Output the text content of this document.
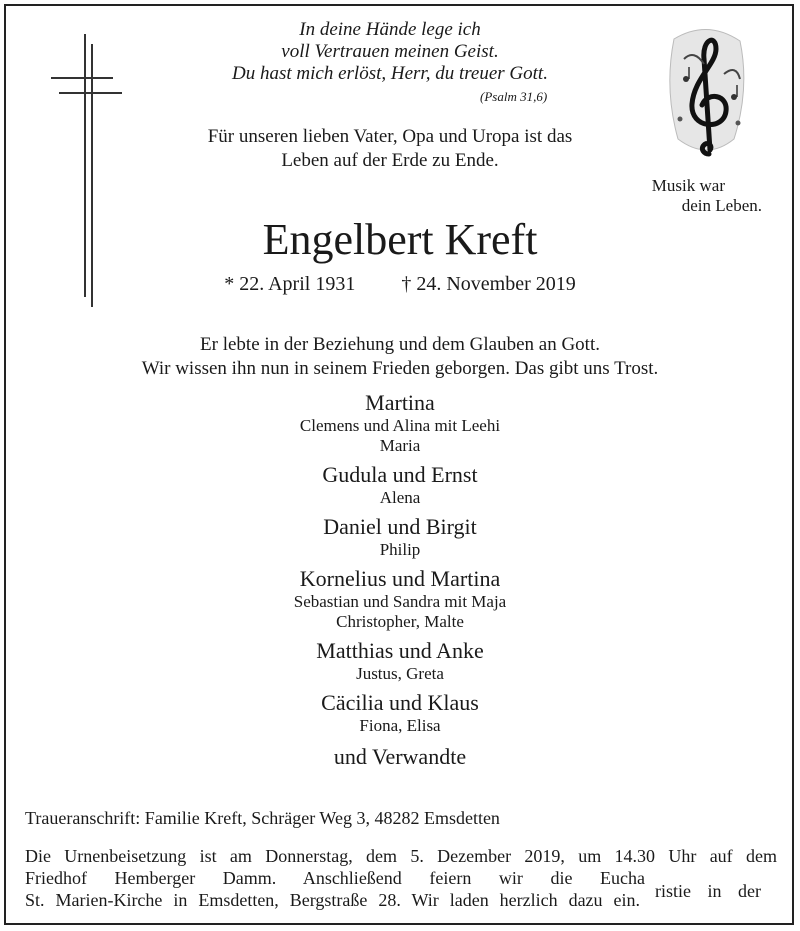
In deine Hände lege ich
voll Vertrauen meinen Geist.
Du hast mich erlöst, Herr, du treuer Gott.
(Psalm 31,6)
Für unseren lieben Vater, Opa und Uropa ist das
Leben auf der Erde zu Ende.
Musik war
dein Leben.
Engelbert Kreft
* 22. April 1931 † 24. November 2019
Er lebte in der Beziehung und dem Glauben an Gott.
Wir wissen ihn nun in seinem Frieden geborgen. Das gibt uns Trost.
Martina
Clemens und Alina mit Leehi
Maria
Gudula und Ernst
Alena
Daniel und Birgit
Philip
Kornelius und Martina
Sebastian und Sandra mit Maja
Christopher, Malte
Matthias und Anke
Justus, Greta
Cäcilia und Klaus
Fiona, Elisa
und Verwandte
Traueranschrift: Familie Kreft, Schräger Weg 3, 48282 Emsdetten
Die Urnenbeisetzung ist am Donnerstag, dem 5. Dezember 2019, um 14.30 Uhr auf dem
Friedhof Hemberger Damm. Anschließend feiern wir die Eucha
St. Marien-Kirche in Emsdetten, Bergstraße 28. Wir laden herzlich dazu ein. ristie in der
